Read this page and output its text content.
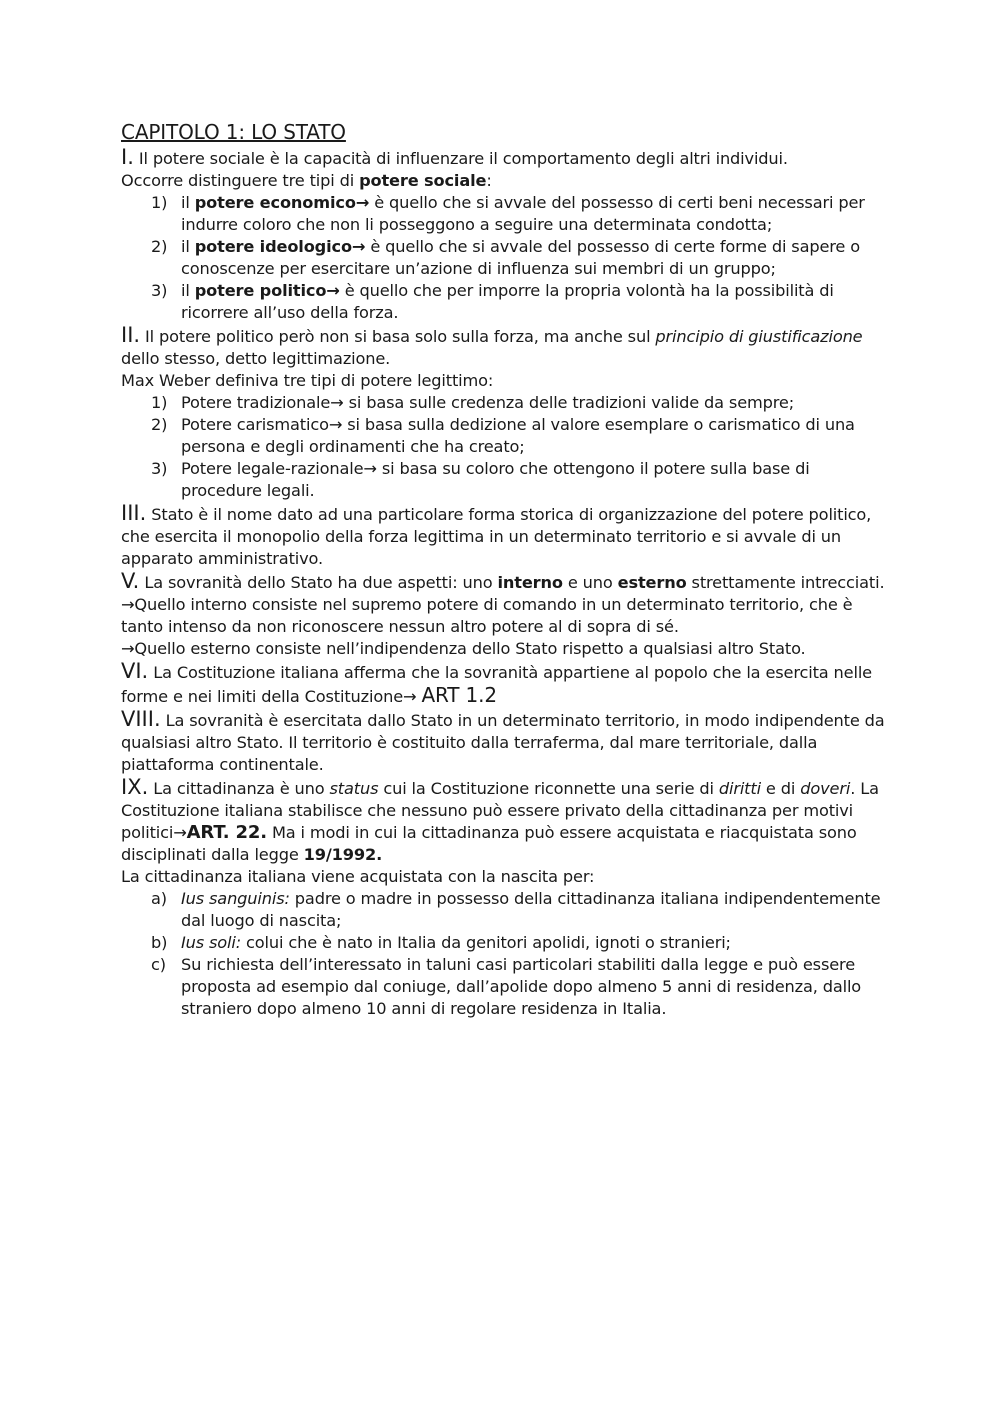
CAPITOLO 1: LO STATO

I. Il potere sociale è la capacità di influenzare il comportamento degli altri individui.

Occorre distinguere tre tipi di potere sociale:

1) il potere economico→ è quello che si avvale del possesso di certi beni necessari per indurre coloro che non li posseggono a seguire una determinata condotta;
2) il potere ideologico→ è quello che si avvale del possesso di certe forme di sapere o conoscenze per esercitare un’azione di influenza sui membri di un gruppo;
3) il potere politico→ è quello che per imporre la propria volontà ha la possibilità di ricorrere all’uso della forza.

II. Il potere politico però non si basa solo sulla forza, ma anche sul principio di giustificazione dello stesso, detto legittimazione.

Max Weber definiva tre tipi di potere legittimo:

1) Potere tradizionale→ si basa sulle credenza delle tradizioni valide da sempre;
2) Potere carismatico→ si basa sulla dedizione al valore esemplare o carismatico di una persona e degli ordinamenti che ha creato;
3) Potere legale-razionale→ si basa su coloro che ottengono il potere sulla base di procedure legali.

III. Stato è il nome dato ad una particolare forma storica di organizzazione del potere politico, che esercita il monopolio della forza legittima in un determinato territorio e si avvale di un apparato amministrativo.

V. La sovranità dello Stato ha due aspetti: uno interno e uno esterno strettamente intrecciati.

→Quello interno consiste nel supremo potere di comando in un determinato territorio, che è tanto intenso da non riconoscere nessun altro potere al di sopra di sé.

→Quello esterno consiste nell’indipendenza dello Stato rispetto a qualsiasi altro Stato.

VI. La Costituzione italiana afferma che la sovranità appartiene al popolo che la esercita nelle forme e nei limiti della Costituzione→ ART 1.2

VIII. La sovranità è esercitata dallo Stato in un determinato territorio, in modo indipendente da qualsiasi altro Stato. Il territorio è costituito dalla terraferma, dal mare territoriale, dalla piattaforma continentale.

IX. La cittadinanza è uno status cui la Costituzione riconnette una serie di diritti e di doveri. La Costituzione italiana stabilisce che nessuno può essere privato della cittadinanza per motivi politici→ART. 22. Ma i modi in cui la cittadinanza può essere acquistata e riacquistata sono disciplinati dalla legge 19/1992.

La cittadinanza italiana viene acquistata con la nascita per:

a) Ius sanguinis: padre o madre in possesso della cittadinanza italiana indipendentemente dal luogo di nascita;
b) Ius soli: colui che è nato in Italia da genitori apolidi, ignoti o stranieri;
c) Su richiesta dell’interessato in taluni casi particolari stabiliti dalla legge e può essere proposta ad esempio dal coniuge, dall’apolide dopo almeno 5 anni di residenza, dallo straniero dopo almeno 10 anni di regolare residenza in Italia.
